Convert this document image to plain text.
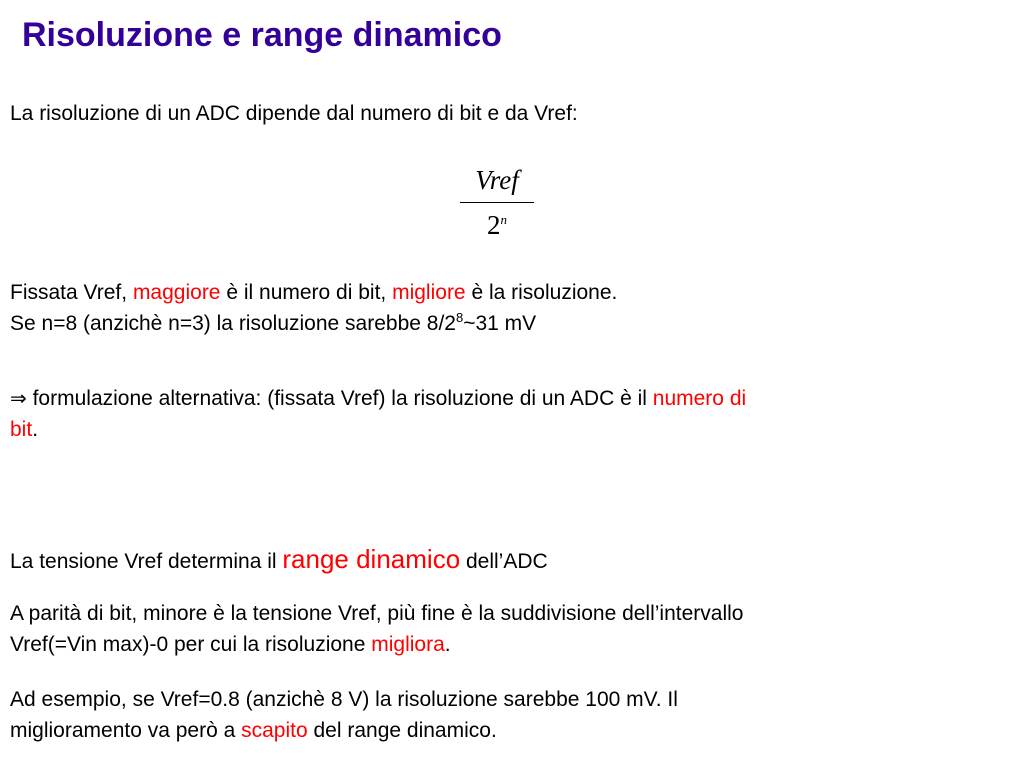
Risoluzione e range dinamico
La risoluzione di un ADC dipende dal numero di bit e da Vref:
Vref
2$^n$
Fissata Vref, maggiore è il numero di bit, migliore è la risoluzione.
Se n=8 (anzichè n=3) la risoluzione sarebbe $8/2^8\sim 31$ mV
⇒ formulazione alternativa: (fissata Vref) la risoluzione di un ADC è il numero di
bit.
La tensione Vref determina il range dinamico dell’ADC
A parità di bit, minore è la tensione Vref, più fine è la suddivisione dell’intervallo
Vref(=Vin max)-0 per cui la risoluzione migliora.
Ad esempio, se Vref=0.8 (anzichè 8 V) la risoluzione sarebbe 100 mV. Il
miglioramento va però a scapito del range dinamico.
